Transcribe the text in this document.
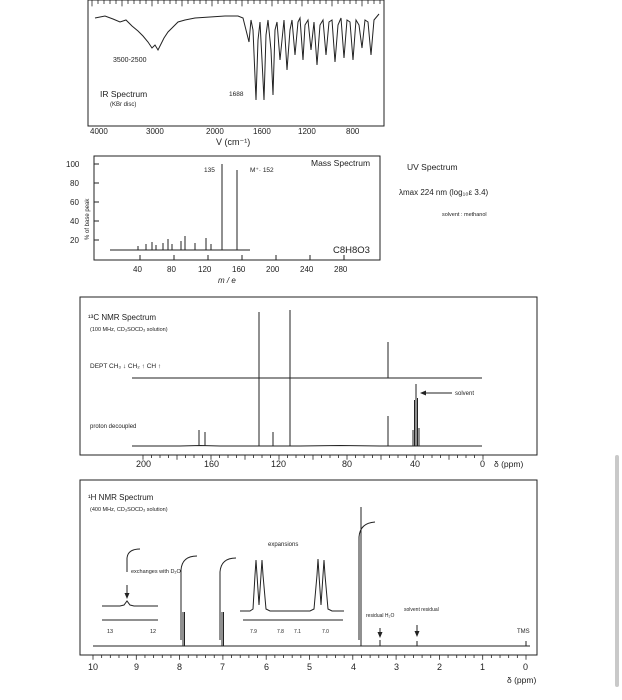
3500-2500
IR Spectrum
(KBr disc)
1688
4000	3000	2000	1600	1200	800
V (cm⁻¹)
% of base peak
100
80
60
40
20
135	M⁺· 152
Mass Spectrum
C8H8O3
40	80	120	160	200	240	280
m / e
UV Spectrum
λmax 224 nm (log₁₀ε 3.4)
solvent : methanol
¹³C NMR Spectrum
(100 MHz, CD₃SOCD₃ solution)
DEPT CH₃ ↓ CH₂ ↑ CH ↑
proton decoupled
solvent
200	160	120	80	40	0 δ (ppm)
¹H NMR Spectrum
(400 MHz, CD₃SOCD₃ solution)
expansions
exchanges with D₂O
13	12	7.9	7.8 7.1	7.0
residual H₂O
solvent residual
TMS
10	9	8	7	6	5	4	3	2	1	0
δ (ppm)
